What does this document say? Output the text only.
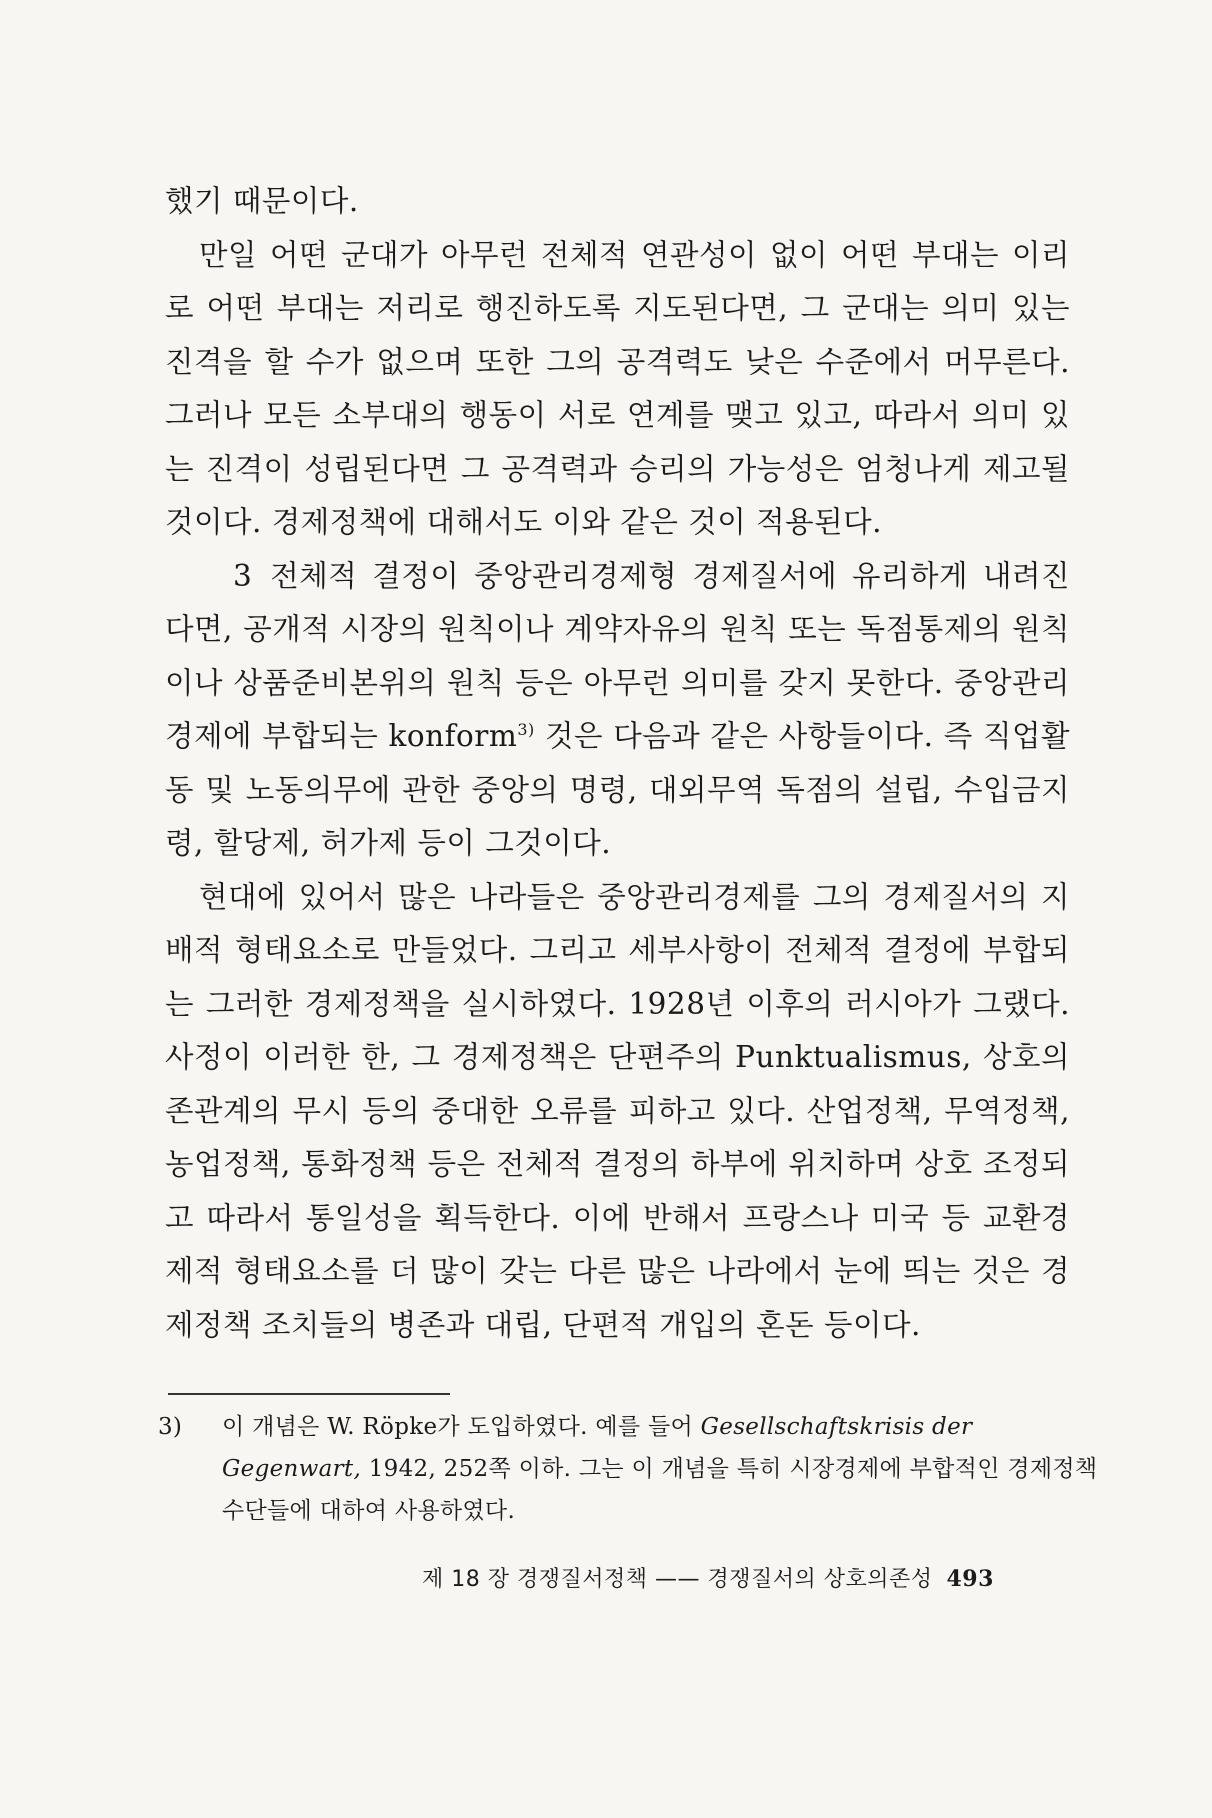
했기 때문이다.

만일 어떤 군대가 아무런 전체적 연관성이 없이 어떤 부대는 이리로 어떤 부대는 저리로 행진하도록 지도된다면, 그 군대는 의미 있는 진격을 할 수가 없으며 또한 그의 공격력도 낮은 수준에서 머무른다. 그러나 모든 소부대의 행동이 서로 연계를 맺고 있고, 따라서 의미 있는 진격이 성립된다면 그 공격력과 승리의 가능성은 엄청나게 제고될 것이다. 경제정책에 대해서도 이와 같은 것이 적용된다.

3 전체적 결정이 중앙관리경제형 경제질서에 유리하게 내려진다면, 공개적 시장의 원칙이나 계약자유의 원칙 또는 독점통제의 원칙이나 상품준비본위의 원칙 등은 아무런 의미를 갖지 못한다. 중앙관리경제에 부합되는 konform$^{3)}$ 것은 다음과 같은 사항들이다. 즉 직업활동 및 노동의무에 관한 중앙의 명령, 대외무역 독점의 설립, 수입금지령, 할당제, 허가제 등이 그것이다.

현대에 있어서 많은 나라들은 중앙관리경제를 그의 경제질서의 지배적 형태요소로 만들었다. 그리고 세부사항이 전체적 결정에 부합되는 그러한 경제정책을 실시하였다. 1928년 이후의 러시아가 그랬다. 사정이 이러한 한, 그 경제정책은 단편주의 Punktualismus, 상호의존관계의 무시 등의 중대한 오류를 피하고 있다. 산업정책, 무역정책, 농업정책, 통화정책 등은 전체적 결정의 하부에 위치하며 상호 조정되고 따라서 통일성을 획득한다. 이에 반해서 프랑스나 미국 등 교환경제적 형태요소를 더 많이 갖는 다른 많은 나라에서 눈에 띄는 것은 경제정책 조치들의 병존과 대립, 단편적 개입의 혼돈 등이다.

3) 이 개념은 W. Röpke가 도입하였다. 예를 들어 Gesellschaftskrisis der Gegenwart, 1942, 252쪽 이하. 그는 이 개념을 특히 시장경제에 부합적인 경제정책 수단들에 대하여 사용하였다.

제 18 장 경쟁질서정책 —— 경쟁질서의 상호의존성 493
